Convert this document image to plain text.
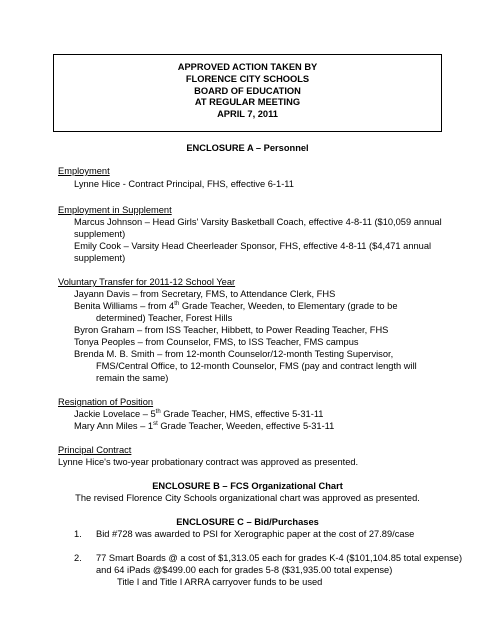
APPROVED ACTION TAKEN BY
FLORENCE CITY SCHOOLS
BOARD OF EDUCATION
AT REGULAR MEETING
APRIL 7, 2011
ENCLOSURE A – Personnel
Employment
Lynne Hice - Contract Principal, FHS, effective 6-1-11
Employment in Supplement
Marcus Johnson – Head Girls' Varsity Basketball Coach, effective 4-8-11 ($10,059 annual
supplement)
Emily Cook – Varsity Head Cheerleader Sponsor, FHS, effective 4-8-11 ($4,471 annual
supplement)
Voluntary Transfer for 2011-12 School Year
Jayann Davis – from Secretary, FMS, to Attendance Clerk, FHS
Benita Williams – from 4th Grade Teacher, Weeden, to Elementary (grade to be
determined) Teacher, Forest Hills
Byron Graham – from ISS Teacher, Hibbett, to Power Reading Teacher, FHS
Tonya Peoples – from Counselor, FMS, to ISS Teacher, FMS campus
Brenda M. B. Smith – from 12-month Counselor/12-month Testing Supervisor,
FMS/Central Office, to 12-month Counselor, FMS (pay and contract length will
remain the same)
Resignation of Position
Jackie Lovelace – 5th Grade Teacher, HMS, effective 5-31-11
Mary Ann Miles – 1st Grade Teacher, Weeden, effective 5-31-11
Principal Contract
Lynne Hice's two-year probationary contract was approved as presented.
ENCLOSURE B – FCS Organizational Chart
The revised Florence City Schools organizational chart was approved as presented.
ENCLOSURE C – Bid/Purchases
1. Bid #728 was awarded to PSI for Xerographic paper at the cost of 27.89/case
2. 77 Smart Boards @ a cost of $1,313.05 each for grades K-4 ($101,104.85 total expense)
and 64 iPads @$499.00 each for grades 5-8 ($31,935.00 total expense)
Title I and Title I ARRA carryover funds to be used
